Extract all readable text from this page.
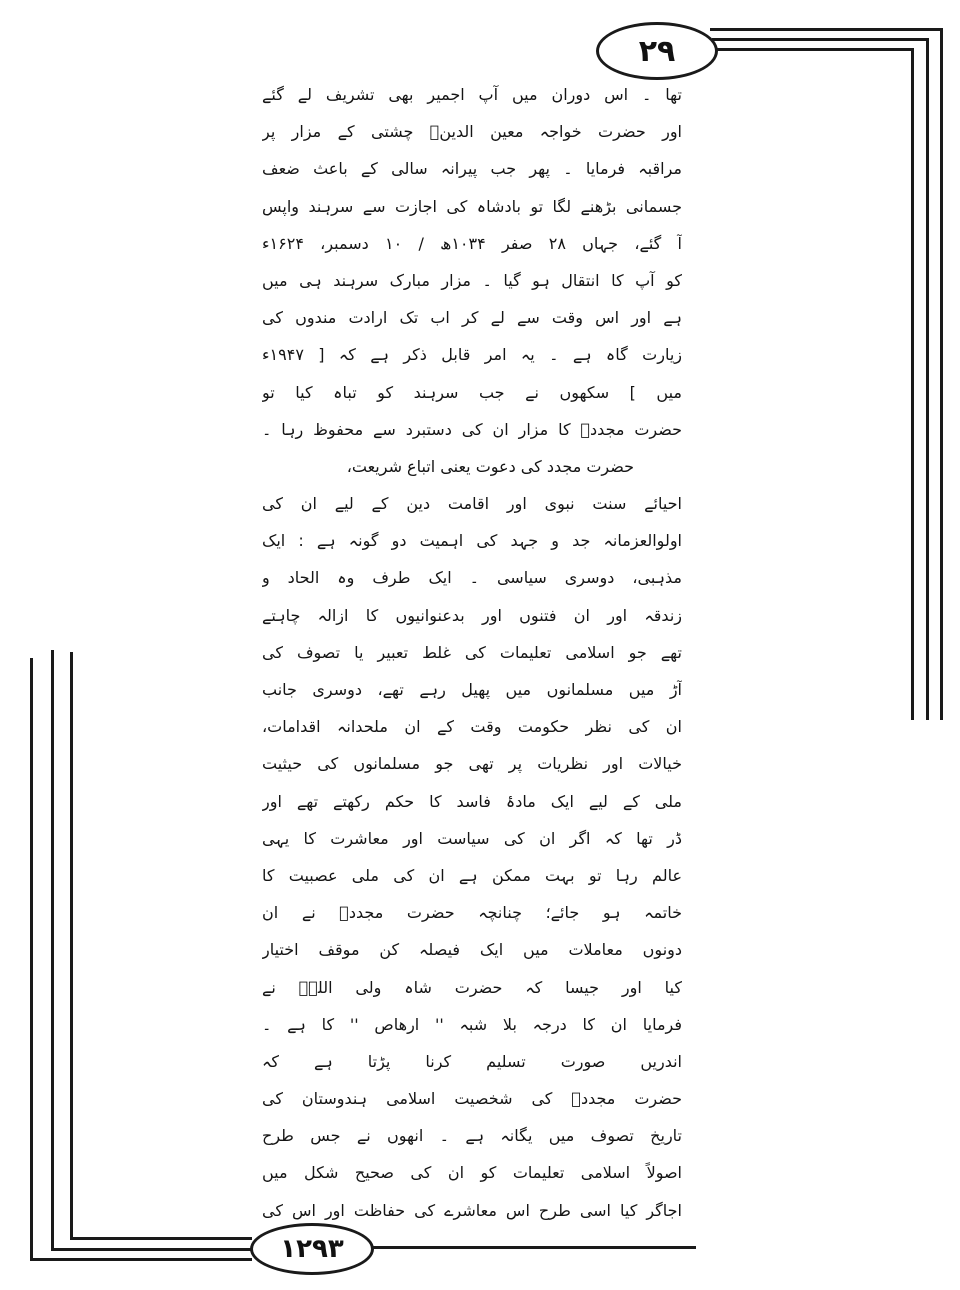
۲۹
۱۲۹۳
تھا ۔ اس دوران میں آپ اجمیر بھی تشریف لے گئے
اور حضرت خواجہ معین الدینؒ چشتی کے مزار پر
مراقبہ فرمایا ۔ پھر جب پیرانہ سالی کے باعث ضعف
جسمانی بڑھنے لگا تو بادشاہ کی اجازت سے سرہند واپس
آ گئے، جہاں ۲۸ صفر ۱۰۳۴ھ / ۱۰ دسمبر، ۱۶۲۴ء
کو آپ کا انتقال ہو گیا ۔ مزار مبارک سرہند ہی میں
ہے اور اس وقت سے لے کر اب تک ارادت مندوں کی
زیارت گاہ ہے ۔ یہ امر قابل ذکر ہے کہ [ ۱۹۴۷ء
میں ] سکھوں نے جب سرہند کو تباہ کیا تو
حضرت مجددؒ کا مزار ان کی دستبرد سے محفوظ رہا ۔
حضرت مجدد کی دعوت یعنی اتباع شریعت،
احیائے سنت نبوی اور اقامت دین کے لیے ان کی
اولوالعزمانہ جد و جہد کی اہمیت دو گونہ ہے : ایک
مذہبی، دوسری سیاسی ۔ ایک طرف وہ الحاد و
زندقہ اور ان فتنوں اور بدعنوانیوں کا ازالہ چاہتے
تھے جو اسلامی تعلیمات کی غلط تعبیر یا تصوف کی
آڑ میں مسلمانوں میں پھیل رہے تھے، دوسری جانب
ان کی نظر حکومت وقت کے ان ملحدانہ اقدامات،
خیالات اور نظریات پر تھی جو مسلمانوں کی حیثیت
ملی کے لیے ایک مادۂ فاسد کا حکم رکھتے تھے اور
ڈر تھا کہ اگر ان کی سیاست اور معاشرت کا یہی
عالم رہا تو بہت ممکن ہے ان کی ملی عصبیت کا
خاتمہ ہو جائے؛ چنانچہ حضرت مجددؒ نے ان
دونوں معاملات میں ایک فیصلہ کن موقف اختیار
کیا اور جیسا کہ حضرت شاہ ولی اللہؒ نے
فرمایا ان کا درجہ بلا شبہ '' ارھاص '' کا ہے ۔
اندریں صورت تسلیم کرنا پڑتا ہے کہ
حضرت مجددؒ کی شخصیت اسلامی ہندوستان کی
تاریخ تصوف میں یگانہ ہے ۔ انھوں نے جس طرح
اصولاً اسلامی تعلیمات کو ان کی صحیح شکل میں
اجاگر کیا اسی طرح اس معاشرے کی حفاظت اور اس کی
